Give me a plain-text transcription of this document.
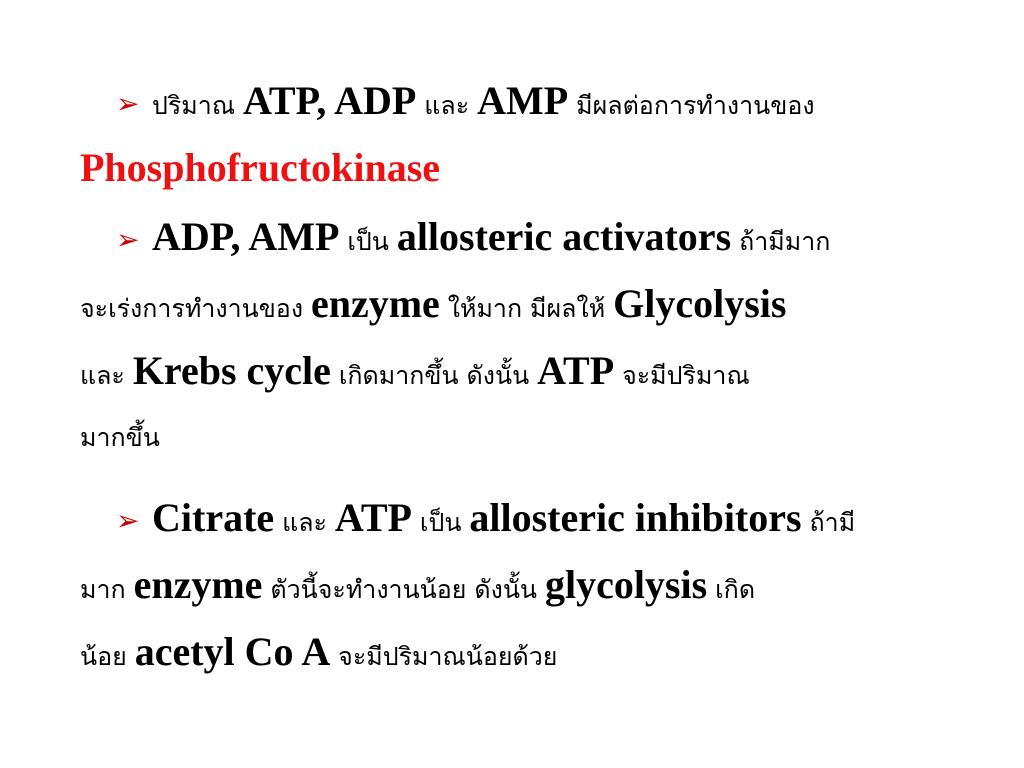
➢ ปริมาณ ATP, ADP และ AMP มีผลต่อการทำงานของ
Phosphofructokinase

➢ ADP, AMP เป็น allosteric activators ถ้ามีมาก
จะเร่งการทำงานของ enzyme ให้มาก มีผลให้ Glycolysis
และ Krebs cycle เกิดมากขึ้น ดังนั้น ATP จะมีปริมาณ
มากขึ้น

➢ Citrate และ ATP เป็น allosteric inhibitors ถ้ามี
มาก enzyme ตัวนี้จะทำงานน้อย ดังนั้น glycolysis เกิด
น้อย acetyl Co A จะมีปริมาณน้อยด้วย
